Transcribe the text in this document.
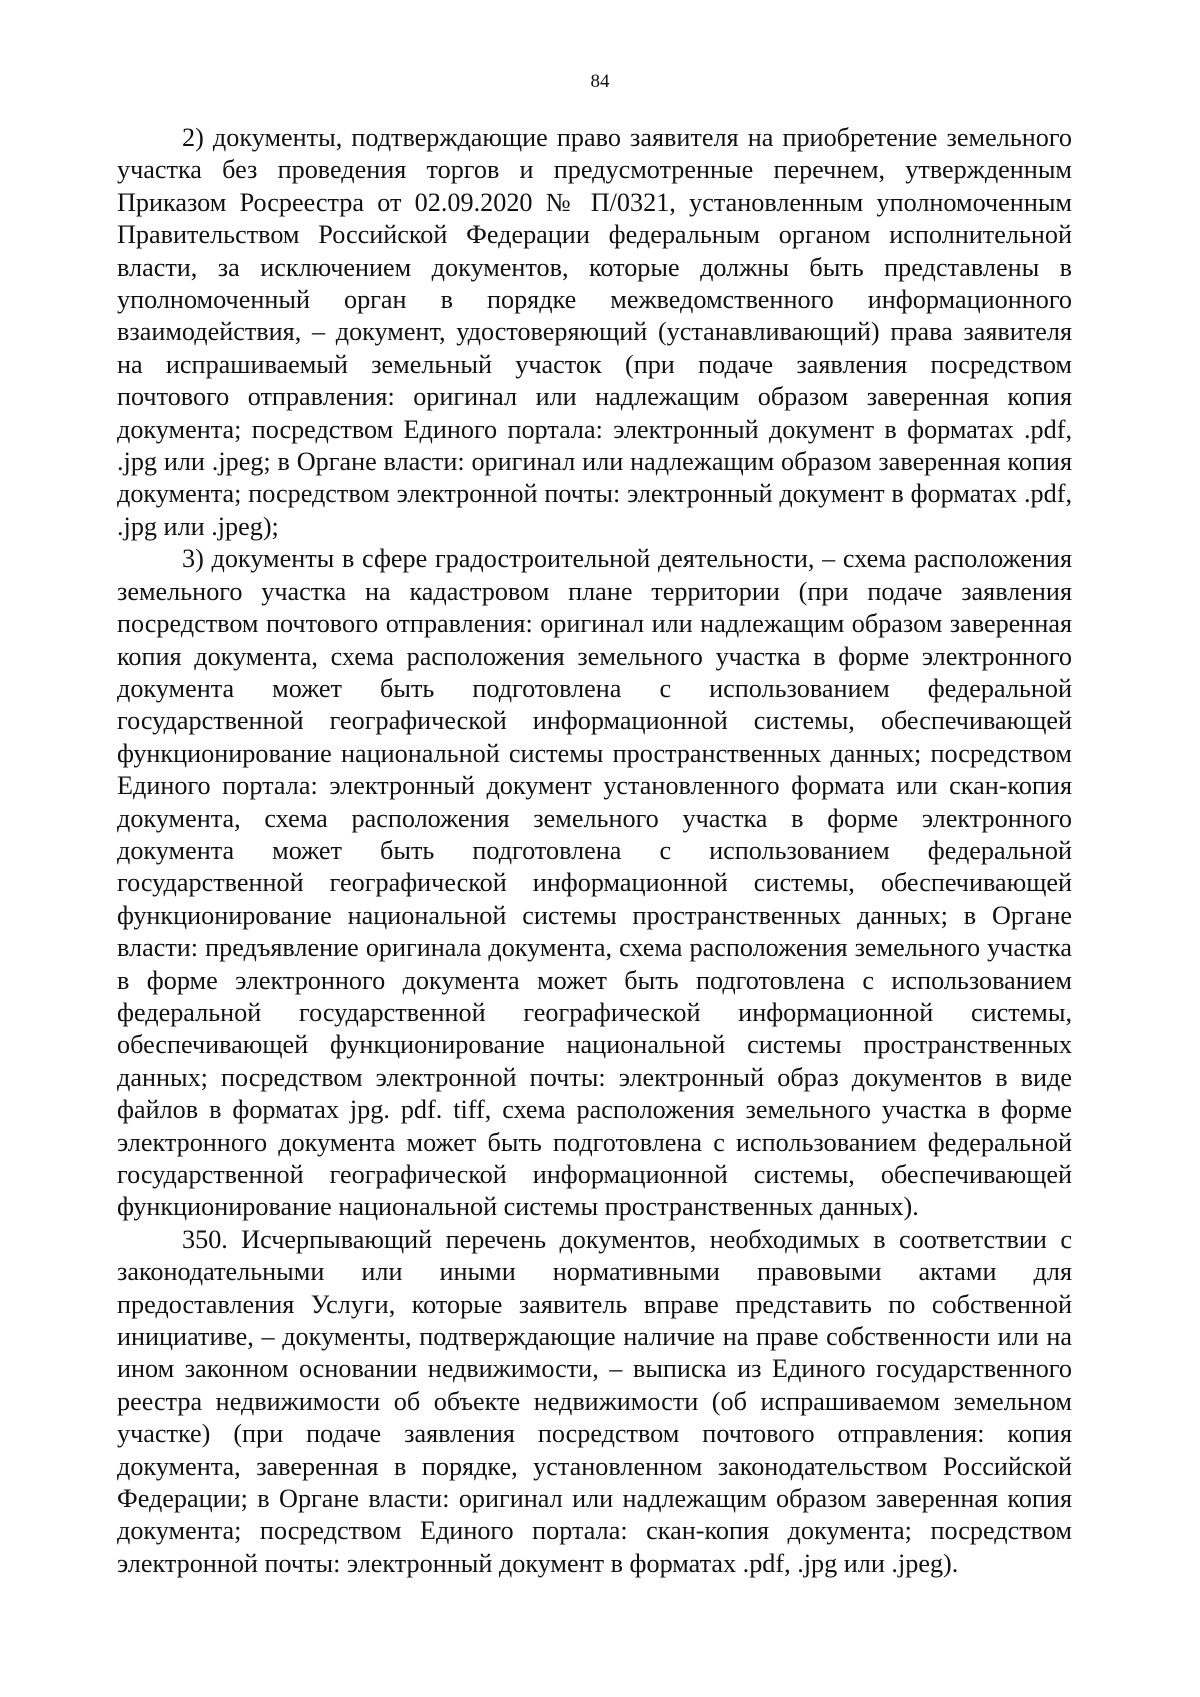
84

2) документы, подтверждающие право заявителя на приобретение земельного участка без проведения торгов и предусмотренные перечнем, утвержденным Приказом Росреестра от 02.09.2020 № П/0321, установленным уполномоченным Правительством Российской Федерации федеральным органом исполнительной власти, за исключением документов, которые должны быть представлены в уполномоченный орган в порядке межведомственного информационного взаимодействия, – документ, удостоверяющий (устанавливающий) права заявителя на испрашиваемый земельный участок (при подаче заявления посредством почтового отправления: оригинал или надлежащим образом заверенная копия документа; посредством Единого портала: электронный документ в форматах .pdf, .jpg или .jpeg; в Органе власти: оригинал или надлежащим образом заверенная копия документа; посредством электронной почты: электронный документ в форматах .pdf, .jpg или .jpeg);

3) документы в сфере градостроительной деятельности, – схема расположения земельного участка на кадастровом плане территории (при подаче заявления посредством почтового отправления: оригинал или надлежащим образом заверенная копия документа, схема расположения земельного участка в форме электронного документа может быть подготовлена с использованием федеральной государственной географической информационной системы, обеспечивающей функционирование национальной системы пространственных данных; посредством Единого портала: электронный документ установленного формата или скан-копия документа, схема расположения земельного участка в форме электронного документа может быть подготовлена с использованием федеральной государственной географической информационной системы, обеспечивающей функционирование национальной системы пространственных данных; в Органе власти: предъявление оригинала документа, схема расположения земельного участка в форме электронного документа может быть подготовлена с использованием федеральной государственной географической информационной системы, обеспечивающей функционирование национальной системы пространственных данных; посредством электронной почты: электронный образ документов в виде файлов в форматах jpg. pdf. tiff, схема расположения земельного участка в форме электронного документа может быть подготовлена с использованием федеральной государственной географической информационной системы, обеспечивающей функционирование национальной системы пространственных данных).

350. Исчерпывающий перечень документов, необходимых в соответствии с законодательными или иными нормативными правовыми актами для предоставления Услуги, которые заявитель вправе представить по собственной инициативе, – документы, подтверждающие наличие на праве собственности или на ином законном основании недвижимости, – выписка из Единого государственного реестра недвижимости об объекте недвижимости (об испрашиваемом земельном участке) (при подаче заявления посредством почтового отправления: копия документа, заверенная в порядке, установленном законодательством Российской Федерации; в Органе власти: оригинал или надлежащим образом заверенная копия документа; посредством Единого портала: скан-копия документа; посредством электронной почты: электронный документ в форматах .pdf, .jpg или .jpeg).
